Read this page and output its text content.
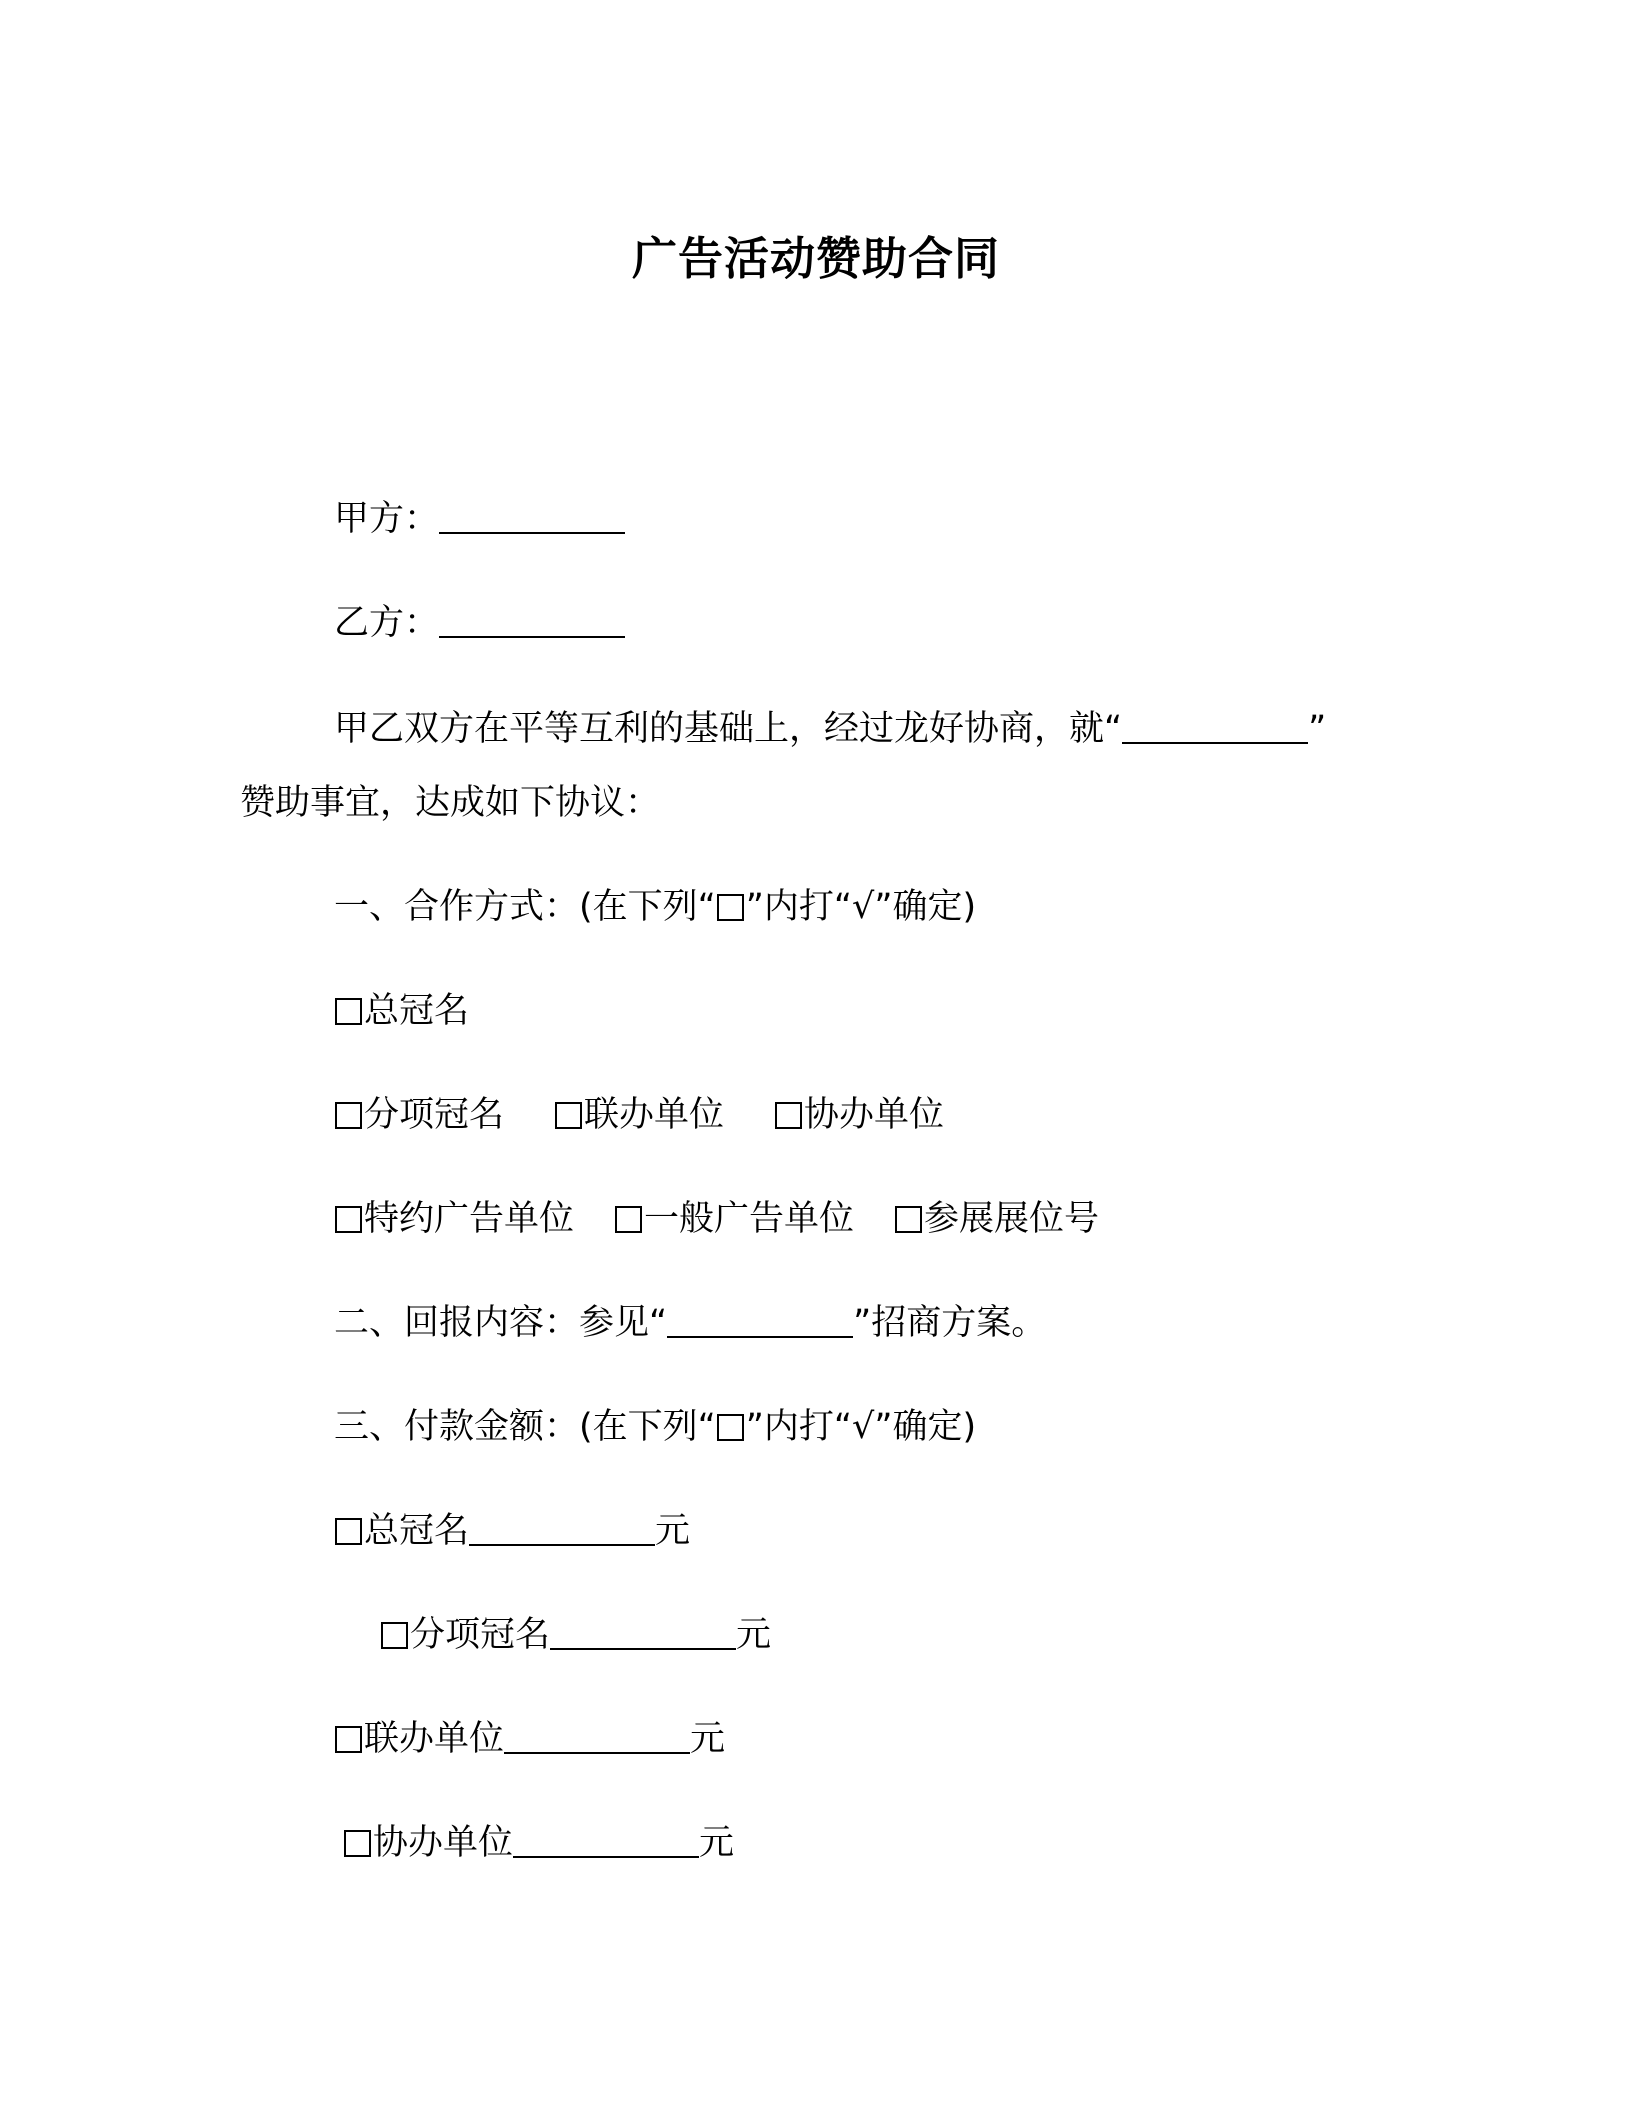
广告活动赞助合同
甲方：
乙方：
甲乙双方在平等互利的基础上，经过龙好协商，就“	”
赞助事宜，达成如下协议：
一、合作方式：(在下列“ ”内打“√”确定)
总冠名
分项冠名 联办单位 协办单位
特约广告单位 一般广告单位 参展展位号
二、回报内容：参见“	”招商方案。
三、付款金额：(在下列“ ”内打“√”确定)
总冠名	元
分项冠名	元
联办单位	元
协办单位	元
